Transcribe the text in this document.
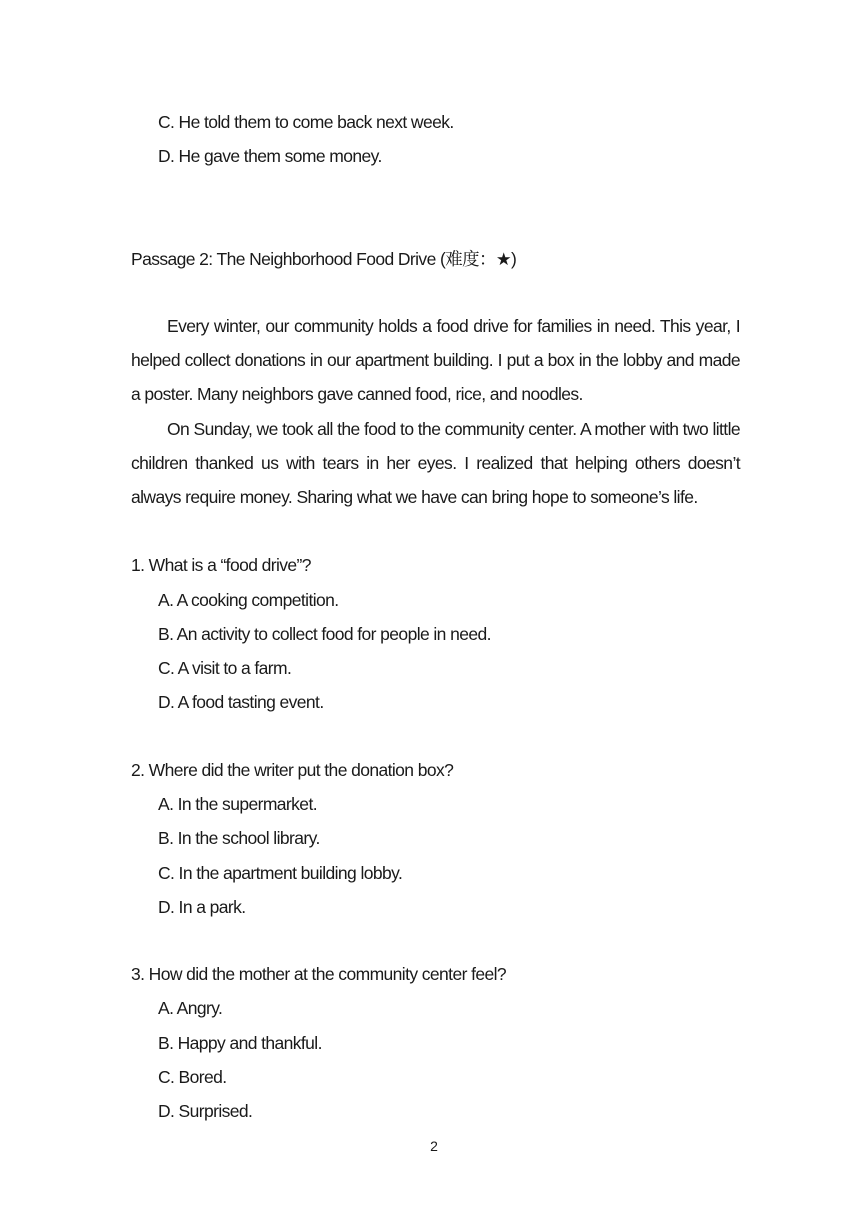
C. He told them to come back next week.
D. He gave them some money.
Passage 2: The Neighborhood Food Drive (难度：★)

Every winter, our community holds a food drive for families in need. This year, I helped collect donations in our apartment building. I put a box in the lobby and made a poster. Many neighbors gave canned food, rice, and noodles.

On Sunday, we took all the food to the community center. A mother with two little children thanked us with tears in her eyes. I realized that helping others doesn’t always require money. Sharing what we have can bring hope to someone’s life.

1. What is a “food drive”?
A. A cooking competition.
B. An activity to collect food for people in need.
C. A visit to a farm.
D. A food tasting event.
2. Where did the writer put the donation box?
A. In the supermarket.
B. In the school library.
C. In the apartment building lobby.
D. In a park.
3. How did the mother at the community center feel?
A. Angry.
B. Happy and thankful.
C. Bored.
D. Surprised.
2
